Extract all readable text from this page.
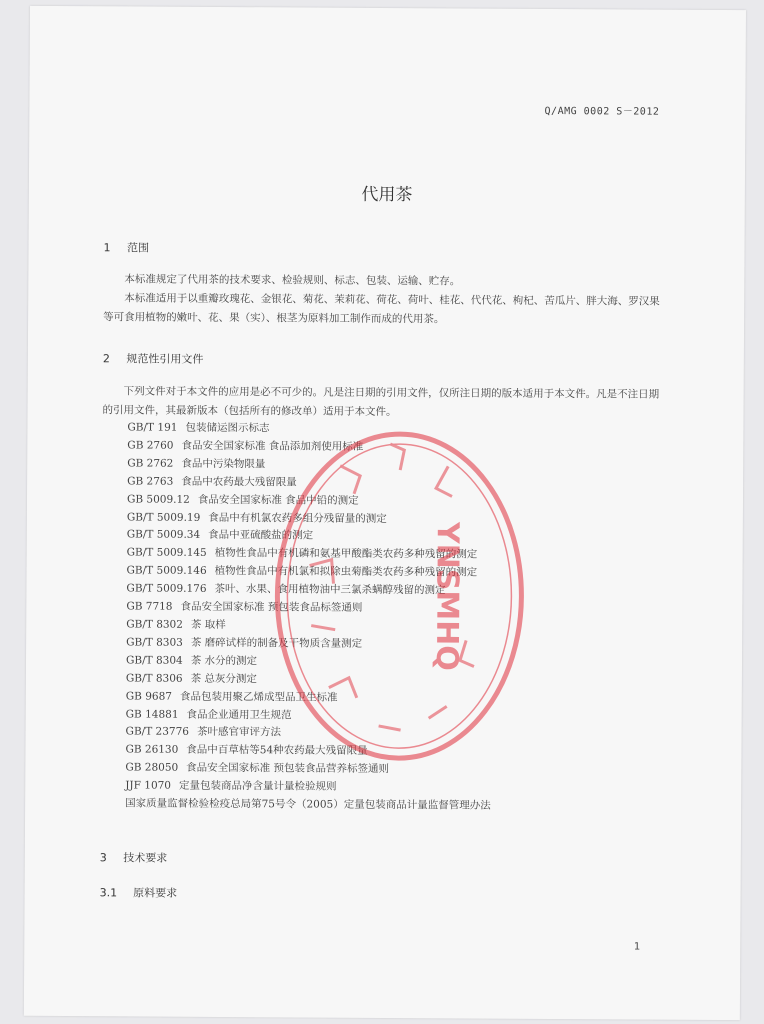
Q/AMG 0002 S－2012
代用茶
1 范围
本标准规定了代用茶的技术要求、检验规则、标志、包装、运输、贮存。
本标准适用于以重瓣玫瑰花、金银花、菊花、茉莉花、荷花、荷叶、桂花、代代花、枸杞、苦瓜片、胖大海、罗汉果等可食用植物的嫩叶、花、果（实）、根茎为原料加工制作而成的代用茶。
2 规范性引用文件
下列文件对于本文件的应用是必不可少的。凡是注日期的引用文件，仅所注日期的版本适用于本文件。凡是不注日期的引用文件，其最新版本（包括所有的修改单）适用于本文件。
GB/T 191 包装储运图示标志
GB 2760 食品安全国家标准 食品添加剂使用标准
GB 2762 食品中污染物限量
GB 2763 食品中农药最大残留限量
GB 5009.12 食品安全国家标准 食品中铅的测定
GB/T 5009.19 食品中有机氯农药多组分残留量的测定
GB/T 5009.34 食品中亚硫酸盐的测定
GB/T 5009.145 植物性食品中有机磷和氨基甲酸酯类农药多种残留的测定
GB/T 5009.146 植物性食品中有机氯和拟除虫菊酯类农药多种残留的测定
GB/T 5009.176 茶叶、水果、食用植物油中三氯杀螨醇残留的测定
GB 7718 食品安全国家标准 预包装食品标签通则
GB/T 8302 茶 取样
GB/T 8303 茶 磨碎试样的制备及干物质含量测定
GB/T 8304 茶 水分的测定
GB/T 8306 茶 总灰分测定
GB 9687 食品包装用聚乙烯成型品卫生标准
GB 14881 食品企业通用卫生规范
GB/T 23776 茶叶感官审评方法
GB 26130 食品中百草枯等54种农药最大残留限量
GB 28050 食品安全国家标准 预包装食品营养标签通则
JJF 1070 定量包装商品净含量计量检验规则
国家质量监督检验检疫总局第75号令（2005）定量包装商品计量监督管理办法
3 技术要求
3.1 原料要求
1
YNSMHQ
